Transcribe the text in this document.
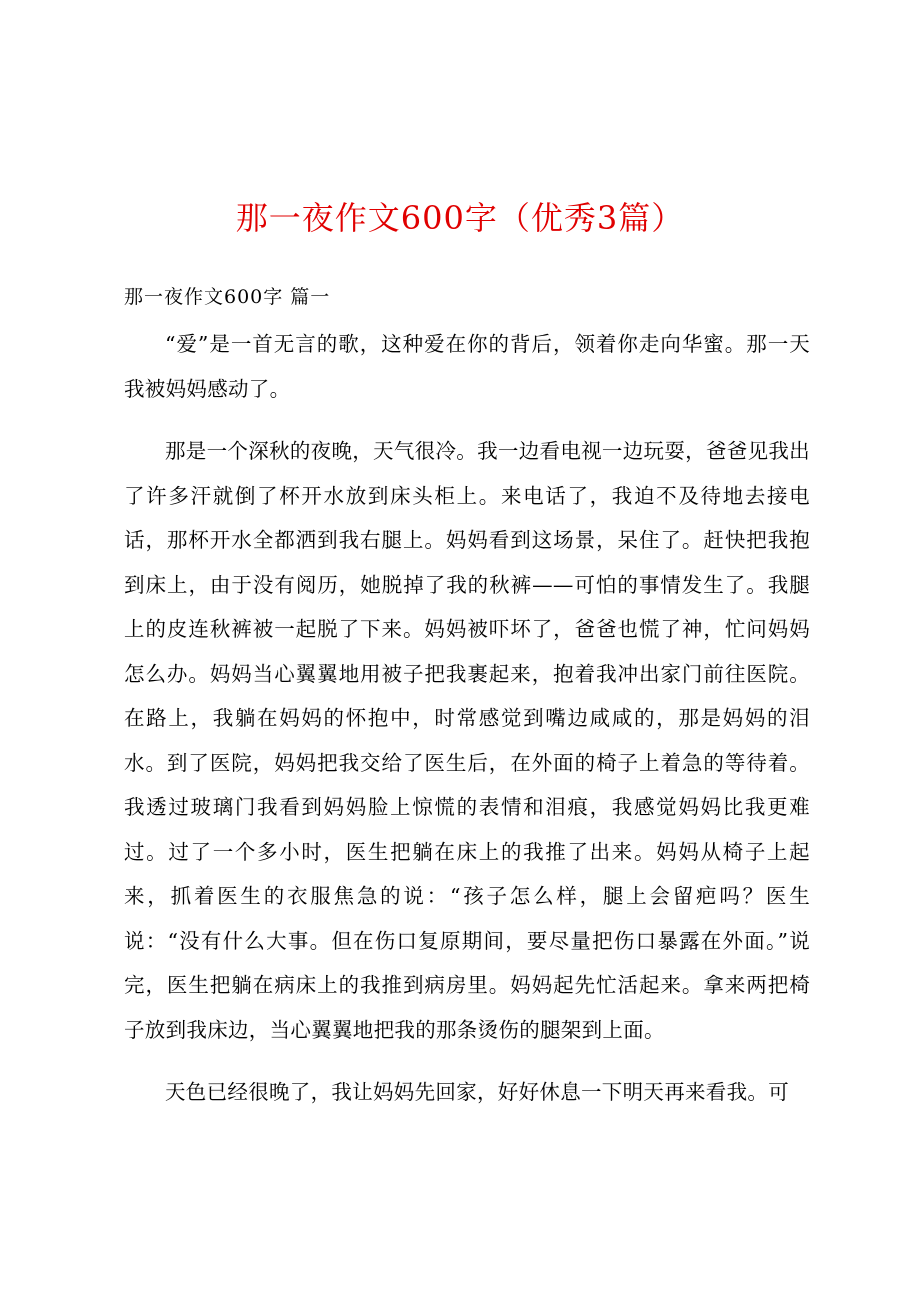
那一夜作文600字（优秀3篇）

那一夜作文600字 篇一

“爱”是一首无言的歌，这种爱在你的背后，领着你走向华蜜。那一天我被妈妈感动了。

那是一个深秋的夜晚，天气很冷。我一边看电视一边玩耍，爸爸见我出了许多汗就倒了杯开水放到床头柜上。来电话了，我迫不及待地去接电话，那杯开水全都洒到我右腿上。妈妈看到这场景，呆住了。赶快把我抱到床上，由于没有阅历，她脱掉了我的秋裤——可怕的事情发生了。我腿上的皮连秋裤被一起脱了下来。妈妈被吓坏了，爸爸也慌了神，忙问妈妈怎么办。妈妈当心翼翼地用被子把我裹起来，抱着我冲出家门前往医院。在路上，我躺在妈妈的怀抱中，时常感觉到嘴边咸咸的，那是妈妈的泪水。到了医院，妈妈把我交给了医生后，在外面的椅子上着急的等待着。我透过玻璃门我看到妈妈脸上惊慌的表情和泪痕，我感觉妈妈比我更难过。过了一个多小时，医生把躺在床上的我推了出来。妈妈从椅子上起来，抓着医生的衣服焦急的说：“孩子怎么样，腿上会留疤吗？医生说：“没有什么大事。但在伤口复原期间，要尽量把伤口暴露在外面。”说完，医生把躺在病床上的我推到病房里。妈妈起先忙活起来。拿来两把椅子放到我床边，当心翼翼地把我的那条烫伤的腿架到上面。

天色已经很晚了，我让妈妈先回家，好好休息一下明天再来看我。可
